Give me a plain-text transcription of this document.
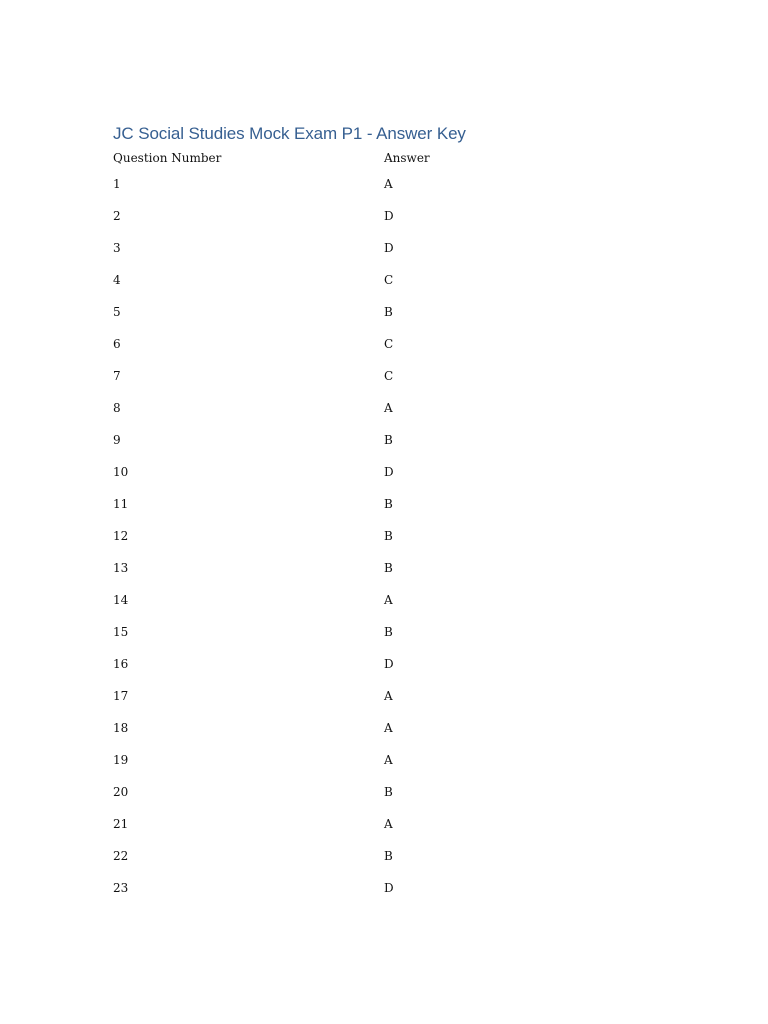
JC Social Studies Mock Exam P1 - Answer Key
Question Number	Answer
1	A
2	D
3	D
4	C
5	B
6	C
7	C
8	A
9	B
10	D
11	B
12	B
13	B
14	A
15	B
16	D
17	A
18	A
19	A
20	B
21	A
22	B
23	D
